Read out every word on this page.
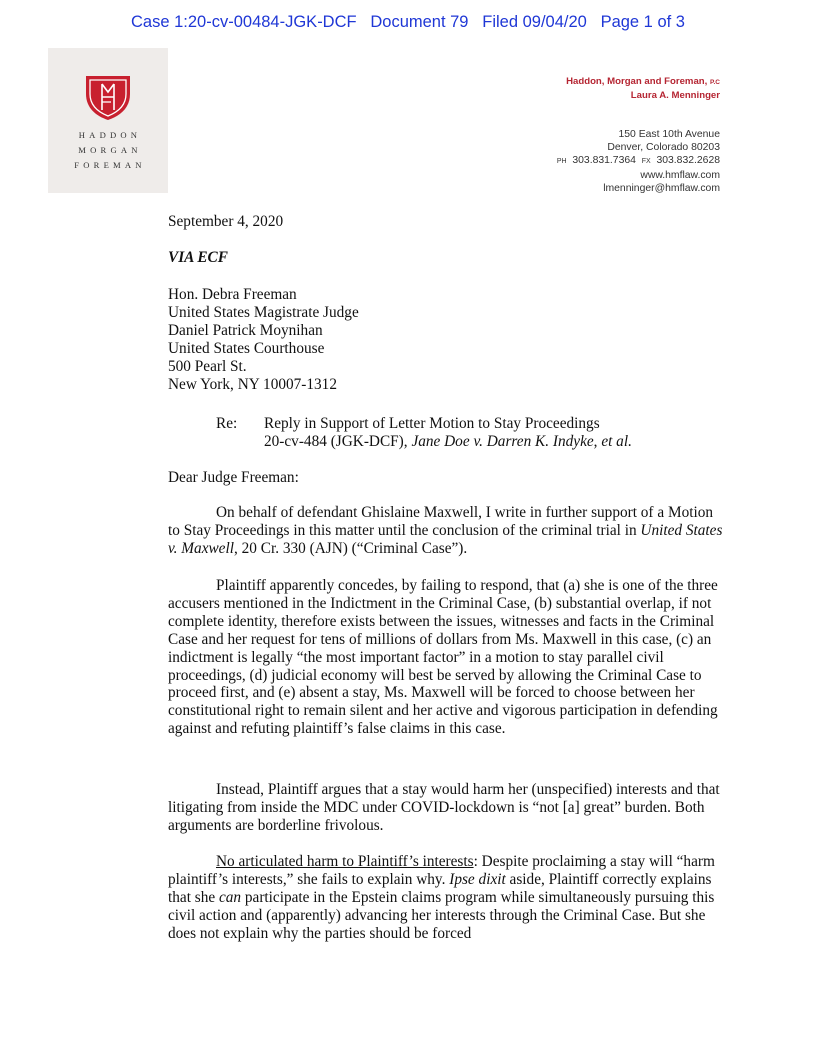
Case 1:20-cv-00484-JGK-DCF   Document 79   Filed 09/04/20   Page 1 of 3
HADDON
MORGAN
FOREMAN
Haddon, Morgan and Foreman, P.C
Laura A. Menninger
150 East 10th Avenue
Denver, Colorado 80203
PH 303.831.7364 FX 303.832.2628
www.hmflaw.com
lmenninger@hmflaw.com
September 4, 2020
VIA ECF
Hon. Debra Freeman
United States Magistrate Judge
Daniel Patrick Moynihan
United States Courthouse
500 Pearl St.
New York, NY 10007-1312
Re: Reply in Support of Letter Motion to Stay Proceedings
20-cv-484 (JGK-DCF), Jane Doe v. Darren K. Indyke, et al.
Dear Judge Freeman:
On behalf of defendant Ghislaine Maxwell, I write in further support of a Motion to Stay Proceedings in this matter until the conclusion of the criminal trial in United States v. Maxwell, 20 Cr. 330 (AJN) (“Criminal Case”).
Plaintiff apparently concedes, by failing to respond, that (a) she is one of the three accusers mentioned in the Indictment in the Criminal Case, (b) substantial overlap, if not complete identity, therefore exists between the issues, witnesses and facts in the Criminal Case and her request for tens of millions of dollars from Ms. Maxwell in this case, (c) an indictment is legally “the most important factor” in a motion to stay parallel civil proceedings, (d) judicial economy will best be served by allowing the Criminal Case to proceed first, and (e) absent a stay, Ms. Maxwell will be forced to choose between her constitutional right to remain silent and her active and vigorous participation in defending against and refuting plaintiff’s false claims in this case.
Instead, Plaintiff argues that a stay would harm her (unspecified) interests and that litigating from inside the MDC under COVID-lockdown is “not [a] great” burden. Both arguments are borderline frivolous.
No articulated harm to Plaintiff’s interests: Despite proclaiming a stay will “harm plaintiff’s interests,” she fails to explain why. Ipse dixit aside, Plaintiff correctly explains that she can participate in the Epstein claims program while simultaneously pursuing this civil action and (apparently) advancing her interests through the Criminal Case. But she does not explain why the parties should be forced
